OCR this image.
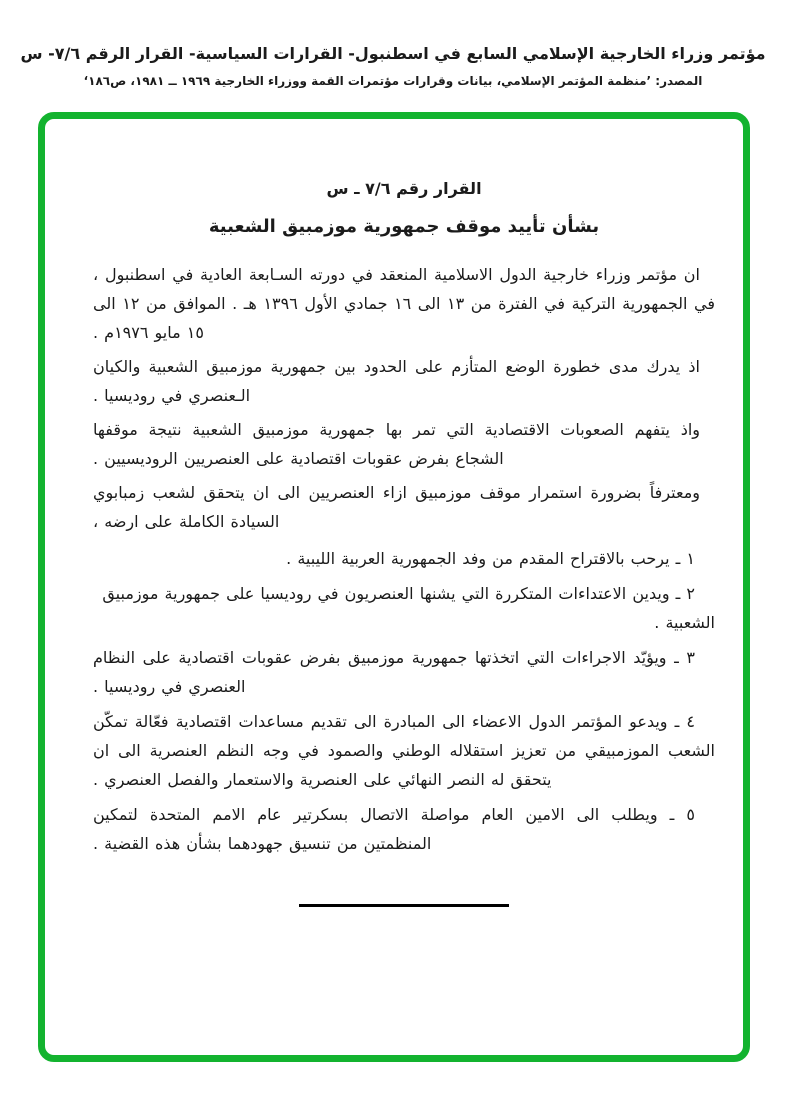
مؤتمر وزراء الخارجية الإسلامي السابع في اسطنبول- القرارات السياسية- القرار الرقم ٧/٦- س
المصدر: ’منظمة المؤتمر الإسلامي، بيانات وقرارات مؤتمرات القمة ووزراء الخارجية ١٩٦٩ ــ ١٩٨١، ص١٨٦‘
القرار رقم ٧/٦ ـ س
بشأن تأييد موقف جمهورية موزمبيق الشعبية

ان مؤتمر وزراء خارجية الدول الاسلامية المنعقد في دورته السـابعة العادية في اسطنبول ، في الجمهورية التركية في الفترة من ١٣ الى ١٦ جمادي الأول ١٣٩٦ هـ . الموافق من ١٢ الى ١٥ مايو ١٩٧٦م .

اذ يدرك مدى خطورة الوضع المتأزم على الحدود بين جمهورية موزمبيق الشعبية والكيان الـعنصري في روديسيا .

واذ يتفهم الصعوبات الاقتصادية التي تمر بها جمهورية موزمبيق الشعبية نتيجة موقفها الشجاع بفرض عقوبات اقتصادية على العنصريين الروديسيين .

ومعترفاً بضرورة استمرار موقف موزمبيق ازاء العنصريين الى ان يتحقق لشعب زمبابوي السيادة الكاملة على ارضه ،

١ ـ يرحب بالاقتراح المقدم من وفد الجمهورية العربية الليبية .

٢ ـ ويدين الاعتداءات المتكررة التي يشنها العنصريون في روديسيا على جمهورية موزمبيق الشعبية .

٣ ـ ويؤيّد الاجراءات التي اتخذتها جمهورية موزمبيق بفرض عقوبات اقتصادية على النظام العنصري في روديسيا .

٤ ـ ويدعو المؤتمر الدول الاعضاء الى المبادرة الى تقديم مساعدات اقتصادية فعّالة تمكّن الشعب الموزمبيقي من تعزيز استقلاله الوطني والصمود في وجه النظم العنصرية الى ان يتحقق له النصر النهائي على العنصرية والاستعمار والفصل العنصري .

٥ ـ ويطلب الى الامين العام مواصلة الاتصال بسكرتير عام الامم المتحدة لتمكين المنظمتين من تنسيق جهودهما بشأن هذه القضية .
